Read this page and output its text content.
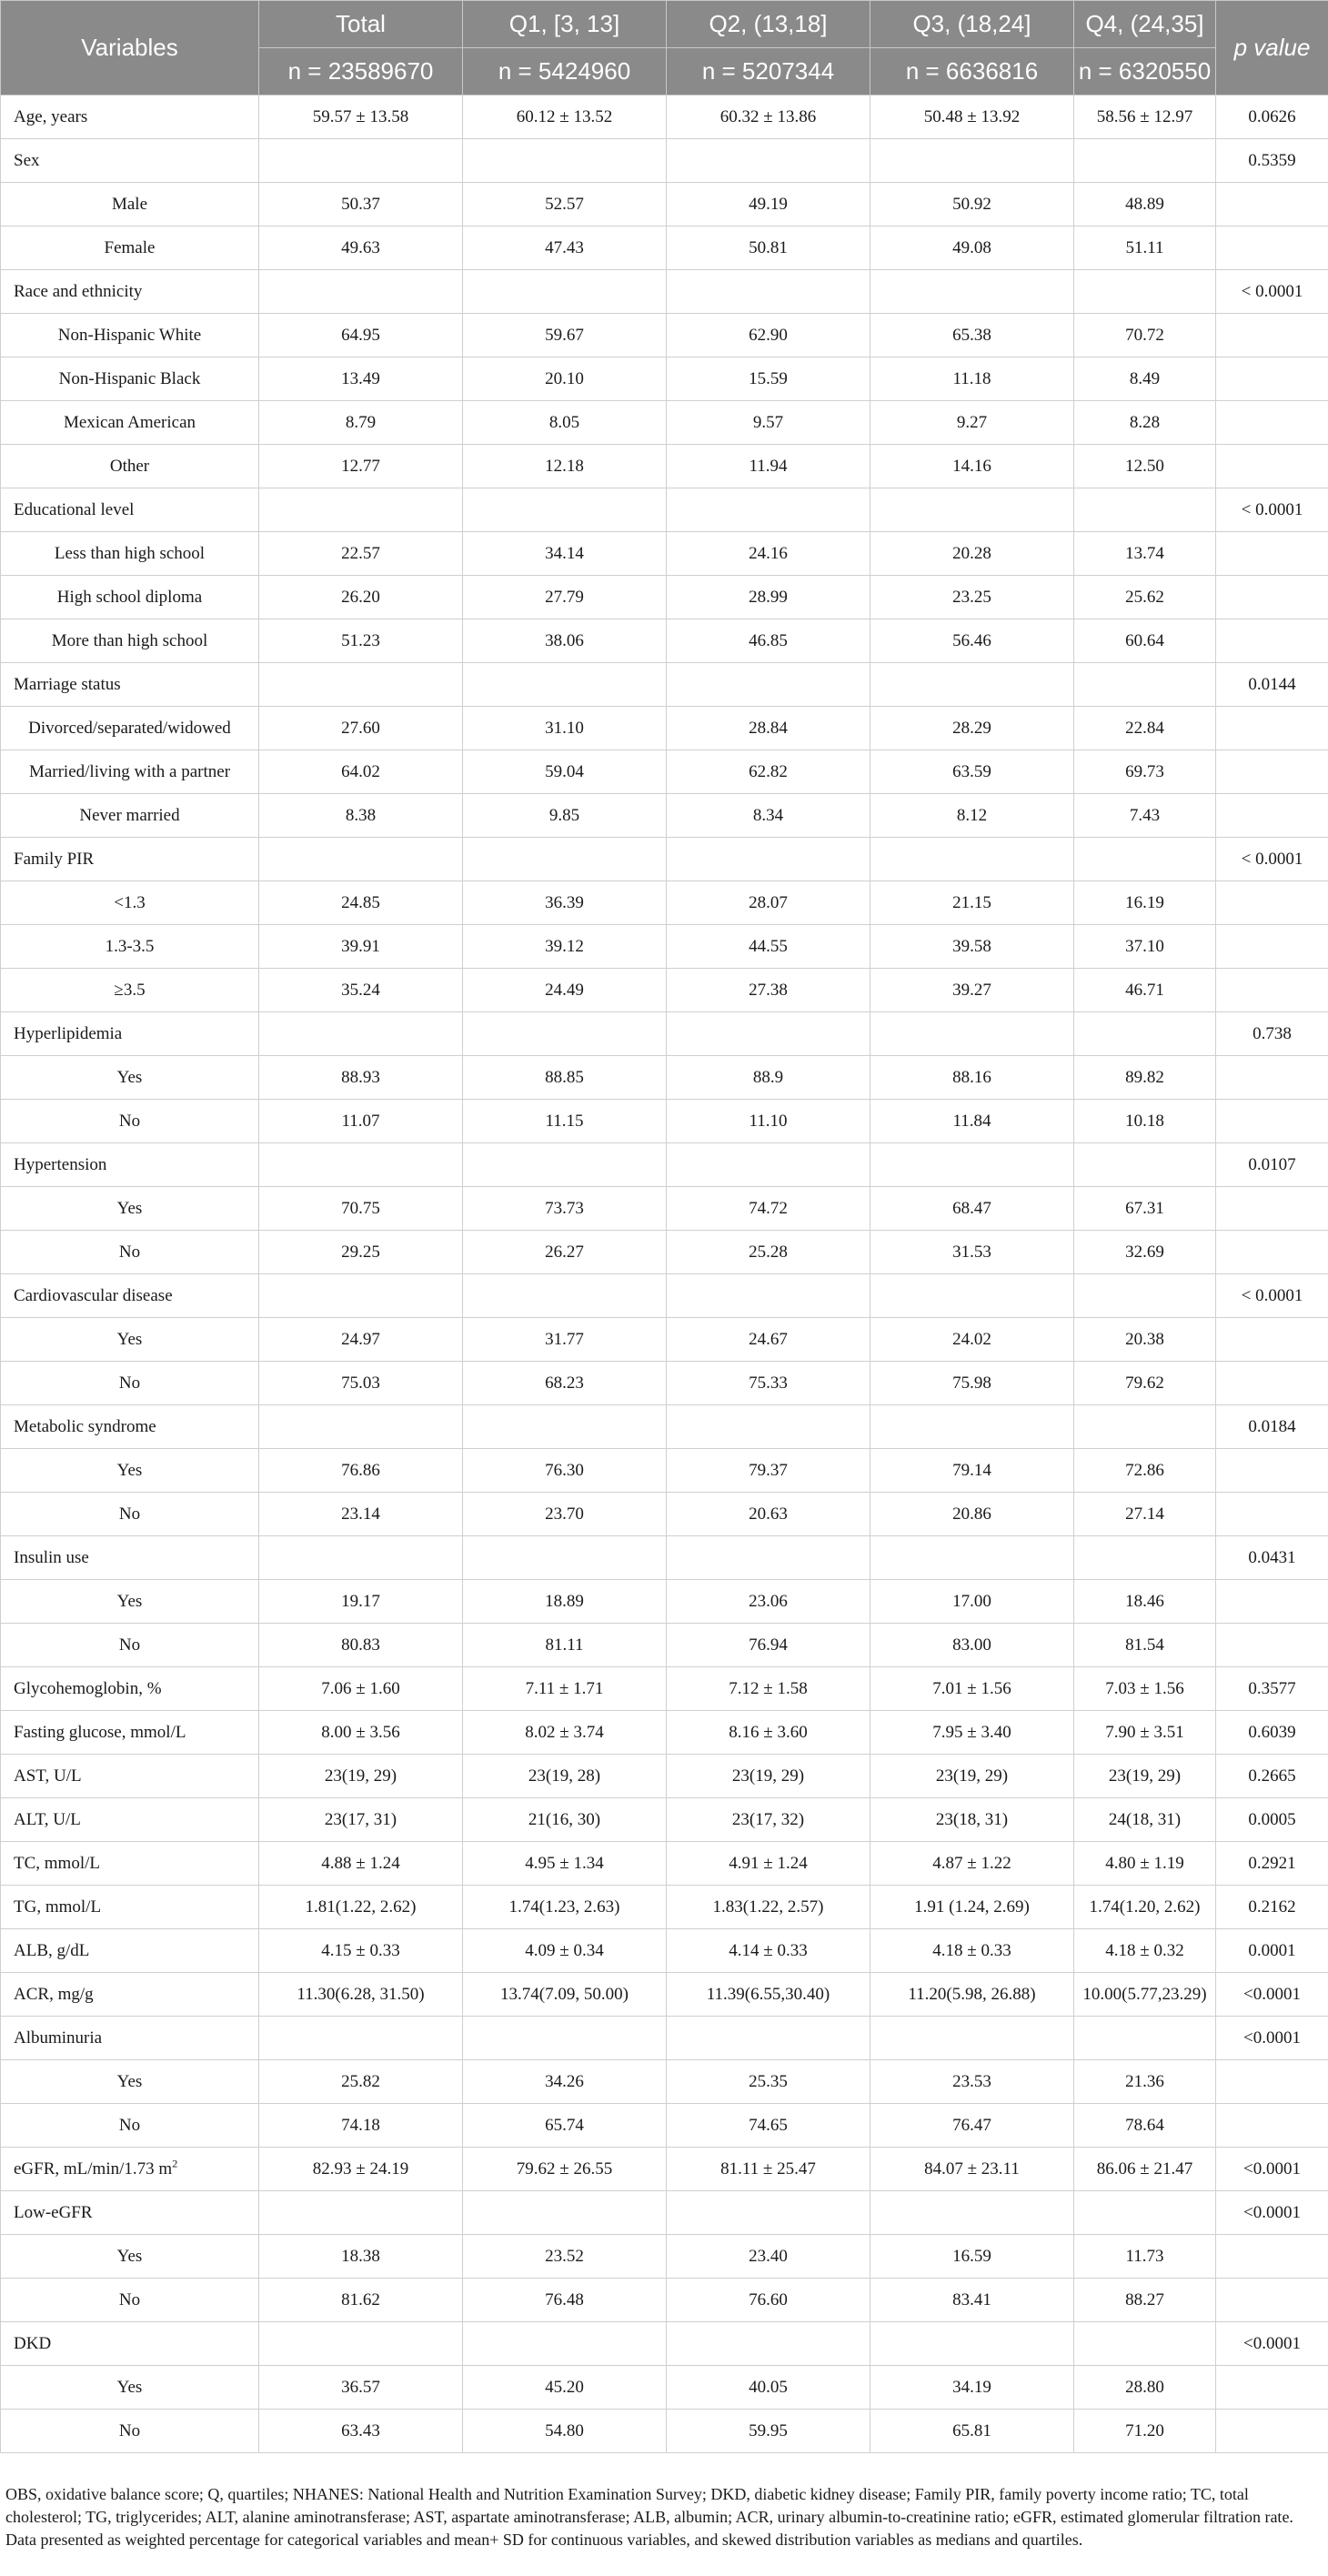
Variables	Total	Q1, [3, 13]	Q2, (13,18]	Q3, (18,24]	Q4, (24,35]	p value
	n = 23589670	n = 5424960	n = 5207344	n = 6636816	n = 6320550	
Age, years	59.57 ± 13.58	60.12 ± 13.52	60.32 ± 13.86	50.48 ± 13.92	58.56 ± 12.97	0.0626
Sex						0.5359
Male	50.37	52.57	49.19	50.92	48.89	
Female	49.63	47.43	50.81	49.08	51.11	
Race and ethnicity						< 0.0001
Non-Hispanic White	64.95	59.67	62.90	65.38	70.72	
Non-Hispanic Black	13.49	20.10	15.59	11.18	8.49	
Mexican American	8.79	8.05	9.57	9.27	8.28	
Other	12.77	12.18	11.94	14.16	12.50	
Educational level						< 0.0001
Less than high school	22.57	34.14	24.16	20.28	13.74	
High school diploma	26.20	27.79	28.99	23.25	25.62	
More than high school	51.23	38.06	46.85	56.46	60.64	
Marriage status						0.0144
Divorced/separated/widowed	27.60	31.10	28.84	28.29	22.84	
Married/living with a partner	64.02	59.04	62.82	63.59	69.73	
Never married	8.38	9.85	8.34	8.12	7.43	
Family PIR						< 0.0001
<1.3	24.85	36.39	28.07	21.15	16.19	
1.3-3.5	39.91	39.12	44.55	39.58	37.10	
≥3.5	35.24	24.49	27.38	39.27	46.71	
Hyperlipidemia						0.738
Yes	88.93	88.85	88.9	88.16	89.82	
No	11.07	11.15	11.10	11.84	10.18	
Hypertension						0.0107
Yes	70.75	73.73	74.72	68.47	67.31	
No	29.25	26.27	25.28	31.53	32.69	
Cardiovascular disease						< 0.0001
Yes	24.97	31.77	24.67	24.02	20.38	
No	75.03	68.23	75.33	75.98	79.62	
Metabolic syndrome						0.0184
Yes	76.86	76.30	79.37	79.14	72.86	
No	23.14	23.70	20.63	20.86	27.14	
Insulin use						0.0431
Yes	19.17	18.89	23.06	17.00	18.46	
No	80.83	81.11	76.94	83.00	81.54	
Glycohemoglobin, %	7.06 ± 1.60	7.11 ± 1.71	7.12 ± 1.58	7.01 ± 1.56	7.03 ± 1.56	0.3577
Fasting glucose, mmol/L	8.00 ± 3.56	8.02 ± 3.74	8.16 ± 3.60	7.95 ± 3.40	7.90 ± 3.51	0.6039
AST, U/L	23(19, 29)	23(19, 28)	23(19, 29)	23(19, 29)	23(19, 29)	0.2665
ALT, U/L	23(17, 31)	21(16, 30)	23(17, 32)	23(18, 31)	24(18, 31)	0.0005
TC, mmol/L	4.88 ± 1.24	4.95 ± 1.34	4.91 ± 1.24	4.87 ± 1.22	4.80 ± 1.19	0.2921
TG, mmol/L	1.81(1.22, 2.62)	1.74(1.23, 2.63)	1.83(1.22, 2.57)	1.91 (1.24, 2.69)	1.74(1.20, 2.62)	0.2162
ALB, g/dL	4.15 ± 0.33	4.09 ± 0.34	4.14 ± 0.33	4.18 ± 0.33	4.18 ± 0.32	0.0001
ACR, mg/g	11.30(6.28, 31.50)	13.74(7.09, 50.00)	11.39(6.55,30.40)	11.20(5.98, 26.88)	10.00(5.77,23.29)	<0.0001
Albuminuria						<0.0001
Yes	25.82	34.26	25.35	23.53	21.36	
No	74.18	65.74	74.65	76.47	78.64	
eGFR, mL/min/1.73 $m^2$	82.93 ± 24.19	79.62 ± 26.55	81.11 ± 25.47	84.07 ± 23.11	86.06 ± 21.47	<0.0001
Low-eGFR						<0.0001
Yes	18.38	23.52	23.40	16.59	11.73	
No	81.62	76.48	76.60	83.41	88.27	
DKD						<0.0001
Yes	36.57	45.20	40.05	34.19	28.80	
No	63.43	54.80	59.95	65.81	71.20	

OBS, oxidative balance score; Q, quartiles; NHANES: National Health and Nutrition Examination Survey; DKD, diabetic kidney disease; Family PIR, family poverty income ratio; TC, total cholesterol; TG, triglycerides; ALT, alanine aminotransferase; AST, aspartate aminotransferase; ALB, albumin; ACR, urinary albumin-to-creatinine ratio; eGFR, estimated glomerular filtration rate.

Data presented as weighted percentage for categorical variables and mean+ SD for continuous variables, and skewed distribution variables as medians and quartiles.
